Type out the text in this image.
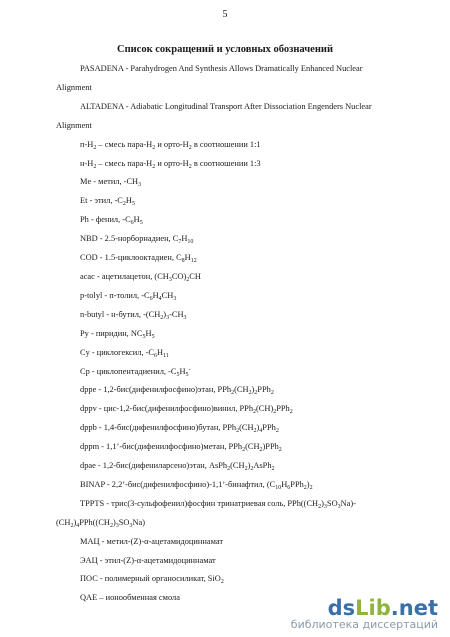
5
Список сокращений и условных обозначений
PASADENA - Parahydrogen And Synthesis Allows Dramatically Enhanced Nuclear
Alignment
ALTADENA - Adiabatic Longitudinal Transport After Dissociation Engenders Nuclear
Alignment
$п-H_2$ – смесь пара-$H_2$ и орто-$H_2$ в соотношении 1:1
$н-H_2$ – смесь пара-$H_2$ и орто-$H_2$ в соотношении 1:3
Me - метил, $-CH_3$
Et - этил, $-C_2H_5$
Ph - фенил, $-C_6H_5$
NBD - 2.5-норборнадиен, $C_7H_{10}$
COD - 1.5-циклооктадиен, $C_8H_{12}$
acac - ацетилацетон, $(CH_3CO)_2CH$
p-tolyl - п-толил, $-C_6H_4CH_3$
n-butyl - н-бутил, $-(CH_2)_3-CH_3$
Py - пиридин, $NC_5H_5$
Cy - циклогексил, $-C_6H_{11}$
Cp - циклопентадиенил, $-C_5H_5^-$
dppe - 1,2-бис(дифенилфосфино)этан, $PPh_2(CH_2)_2PPh_2$
dppv - цис-1,2-бис(дифенилфосфино)винил, $PPh_2(CH)_2PPh_2$
dppb - 1,4-бис(дифенилфосфино)бутан, $PPh_2(CH_2)_4PPh_2$
dppm - 1,1’-бис(дифенилфосфино)метан, $PPh_2(CH_2)PPh_2$
dpae - 1,2-бис(дифениларсено)этан, $AsPh_2(CH_2)_2AsPh_2$
BINAP - 2,2’-бис(дифенилфосфино)-1,1’-бинафтил, $(C_{10}H_6PPh_2)_2$
TPPTS - трис(3-сульфофенил)фосфин тринатриевая соль, $PPh((CH_2)_3SO_3Na)-$
$(CH_2)_4PPh((CH_2)_3SO_3Na)$
МАЦ - метил-(Z)-α-ацетамидоциннамат
ЭАЦ - этил-(Z)-α-ацетамидоциннамат
ПОС - полимерный органосиликат, SiO$_2$
QAE – ионообменная смола	dsLib.net
библиотека диссертаций
